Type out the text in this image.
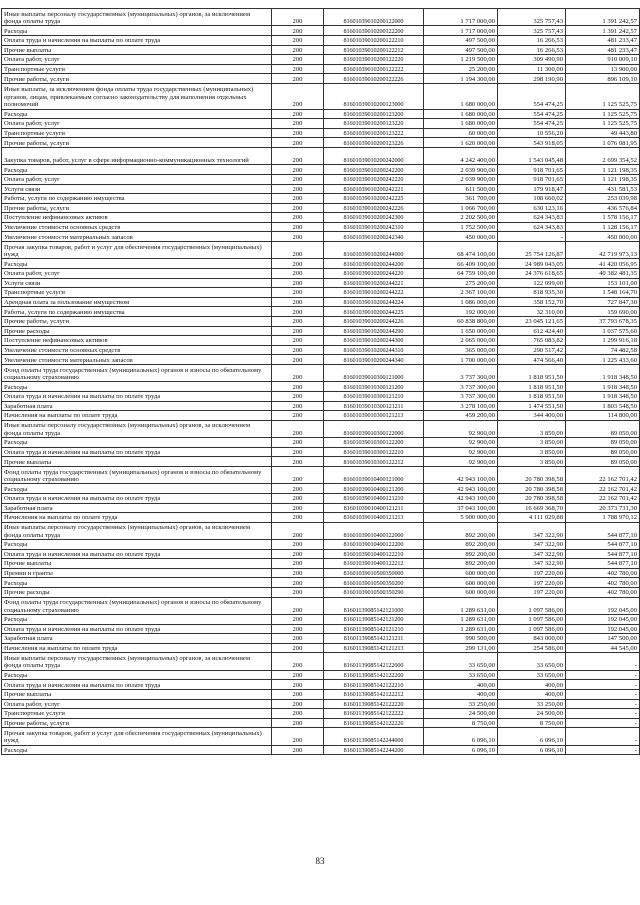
Иные выплаты персоналу государственных (муниципальных) органов, за исключением фонда оплаты труда	200	81601039010200122000	1 717 000,00	325 757,43	1 391 242,57
Расходы	200	81601039010200122200	1 717 000,00	325 757,43	1 391 242,57
Оплата труда и начисления на выплаты по оплате труда	200	81601039010200122210	497 500,00	16 266,53	481 233,47
Прочие выплаты	200	81601039010200122212	497 500,00	16 266,53	481 233,47
Оплата работ, услуг	200	81601039010200122220	1 219 500,00	309 490,90	910 009,10
Транспортные услуги	200	81601039010200122222	25 200,00	11 300,00	13 900,00
Прочие работы, услуги	200	81601039010200122226	1 194 300,00	298 190,90	896 109,10
Иные выплаты, за исключением фонда оплаты труда государственных (муниципальных) органов, лицам, привлекаемым согласно законодательству для выполнения отдельных полномочий	200	81601039010200123000	1 680 000,00	554 474,25	1 125 525,75
Расходы	200	81601039010200123200	1 680 000,00	554 474,25	1 125 525,75
Оплата работ, услуг	200	81601039010200123220	1 680 000,00	554 474,25	1 125 525,75
Транспортные услуги	200	81601039010200123222	60 000,00	10 556,20	49 443,80
Прочие работы, услуги	200	81601039010200123226	1 620 000,00	543 918,05	1 076 081,95
Закупка товаров, работ, услуг в сфере информационно-коммуникационных технологий	200	81601039010200242000	4 242 400,00	1 543 045,48	2 699 354,52
Расходы	200	81601039010200242200	2 039 900,00	918 701,65	1 121 198,35
Оплата работ, услуг	200	81601039010200242220	2 039 900,00	918 701,65	1 121 198,35
Услуги связи	200	81601039010200242221	611 500,00	179 918,47	431 581,53
Работы, услуги по содержанию имущества	200	81601039010200242225	361 700,00	108 660,02	253 039,98
Прочие работы, услуги	200	81601039010200242226	1 066 700,00	630 123,16	436 576,84
Поступление нефинансовых активов	200	81601039010200242300	2 202 500,00	624 343,83	1 578 156,17
Увеличение стоимости основных средств	200	81601039010200242310	1 752 500,00	624 343,83	1 128 156,17
Увеличение стоимости материальных запасов	200	81601039010200242340	450 000,00	-	450 000,00
Прочая закупка товаров, работ и услуг для обеспечения государственных (муниципальных) нужд	200	81601039010200244000	68 474 100,00	25 754 126,87	42 719 973,13
Расходы	200	81601039010200244200	66 409 100,00	24 989 043,05	41 420 056,95
Оплата работ, услуг	200	81601039010200244220	64 759 100,00	24 376 618,65	40 382 481,35
Услуги связи	200	81601039010200244221	275 200,00	122 099,00	153 101,00
Транспортные услуги	200	81601039010200244222	2 367 100,00	818 935,30	1 548 164,70
Арендная плата за пользование имуществом	200	81601039010200244224	1 086 000,00	358 152,70	727 847,30
Работы, услуги по содержанию имущества	200	81601039010200244225	192 000,00	32 310,00	159 690,00
Прочие работы, услуги	200	81601039010200244226	60 838 800,00	23 045 121,65	37 793 678,35
Прочие расходы	200	81601039010200244290	1 650 000,00	612 424,40	1 037 575,60
Поступление нефинансовых активов	200	81601039010200244300	2 065 000,00	765 083,82	1 299 916,18
Увеличение стоимости основных средств	200	81601039010200244310	365 000,00	290 517,42	74 482,58
Увеличение стоимости материальных запасов	200	81601039010200244340	1 700 000,00	474 566,40	1 225 433,60
Фонд оплаты труда государственных (муниципальных) органов и взносы по обязательному социальному страхованию	200	81601039010300121000	3 737 300,00	1 818 951,50	1 918 348,50
Расходы	200	81601039010300121200	3 737 300,00	1 818 951,50	1 918 348,50
Оплата труда и начисления на выплаты по оплате труда	200	81601039010300121210	3 737 300,00	1 818 951,50	1 918 348,50
Заработная плата	200	81601039010300121211	3 278 100,00	1 474 551,50	1 803 548,50
Начисления на выплаты по оплате труда	200	81601039010300121213	459 200,00	344 400,00	114 800,00
Иные выплаты персоналу государственных (муниципальных) органов, за исключением фонда оплаты труда	200	81601039010300122000	92 900,00	3 850,00	89 050,00
Расходы	200	81601039010300122200	92 900,00	3 850,00	89 050,00
Оплата труда и начисления на выплаты по оплате труда	200	81601039010300122210	92 900,00	3 850,00	89 050,00
Прочие выплаты	200	81601039010300122212	92 900,00	3 850,00	89 050,00
Фонд оплаты труда государственных (муниципальных) органов и взносы по обязательному социальному страхованию	200	81601039010400121000	42 943 100,00	20 780 398,58	22 162 701,42
Расходы	200	81601039010400121200	42 943 100,00	20 780 398,58	22 162 701,42
Оплата труда и начисления на выплаты по оплате труда	200	81601039010400121210	42 943 100,00	20 780 398,58	22 162 701,42
Заработная плата	200	81601039010400121211	37 043 100,00	16 669 368,70	20 373 731,30
Начисления на выплаты по оплате труда	200	81601039010400121213	5 900 000,00	4 111 029,88	1 788 970,12
Иные выплаты персоналу государственных (муниципальных) органов, за исключением фонда оплаты труда	200	81601039010400122000	892 200,00	347 322,90	544 877,10
Расходы	200	81601039010400122200	892 200,00	347 322,90	544 877,10
Оплата труда и начисления на выплаты по оплате труда	200	81601039010400122210	892 200,00	347 322,90	544 877,10
Прочие выплаты	200	81601039010400122212	892 200,00	347 322,90	544 877,10
Премии и гранты	200	81601039010500350000	600 000,00	197 220,00	402 780,00
Расходы	200	81601039010500350200	600 000,00	197 220,00	402 780,00
Прочие расходы	200	81601039010500350290	600 000,00	197 220,00	402 780,00
Фонд оплаты труда государственных (муниципальных) органов и взносы по обязательному социальному страхованию	200	81601139085142121000	1 289 631,00	1 097 586,00	192 045,00
Расходы	200	81601139085142121200	1 289 631,00	1 097 586,00	192 045,00
Оплата труда и начисления на выплаты по оплате труда	200	81601139085142121210	1 289 631,00	1 097 586,00	192 045,00
Заработная плата	200	81601139085142121211	990 500,00	843 000,00	147 500,00
Начисления на выплаты по оплате труда	200	81601139085142121213	299 131,00	254 586,00	44 545,00
Иные выплаты персоналу государственных (муниципальных) органов, за исключением фонда оплаты труда	200	81601139085142122000	33 650,00	33 650,00	-
Расходы	200	81601139085142122200	33 650,00	33 650,00	-
Оплата труда и начисления на выплаты по оплате труда	200	81601139085142122210	400,00	400,00	-
Прочие выплаты	200	81601139085142122212	400,00	400,00	-
Оплата работ, услуг	200	81601139085142122220	33 250,00	33 250,00	-
Транспортные услуги	200	81601139085142122222	24 500,00	24 500,00	-
Прочие работы, услуги	200	81601139085142122226	8 750,00	8 750,00	-
Прочая закупка товаров, работ и услуг для обеспечения государственных (муниципальных) нужд	200	81601139085142244000	6 096,10	6 096,10	-
Расходы	200	81601139085142244200	6 096,10	6 096,10	-
83
